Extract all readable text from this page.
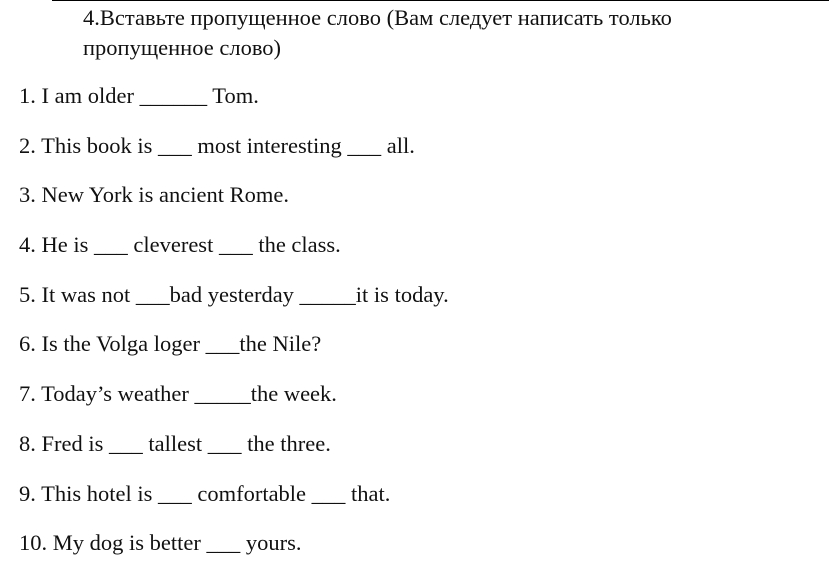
4.Вставьте пропущенное слово (Вам следует написать только пропущенное слово)
1. I am older ______ Tom.
2. This book is ___ most interesting ___ all.
3. New York is ancient Rome.
4. He is ___ cleverest ___ the class.
5. It was not ___bad yesterday _____it is today.
6. Is the Volga loger ___the Nile?
7. Today’s weather _____the week.
8. Fred is ___ tallest ___ the three.
9. This hotel is ___ comfortable ___ that.
10. My dog is better ___ yours.
